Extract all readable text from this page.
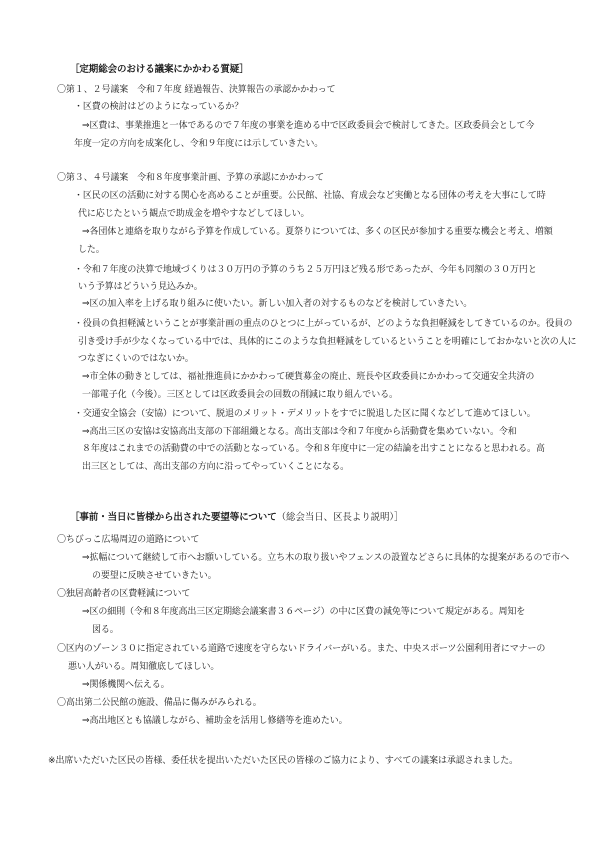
［定期総会のおける議案にかかわる質疑］
〇第１、２号議案　令和７年度 経過報告、決算報告の承認かかわって
・区費の検討はどのようになっているか？
⇒区費は、事業推進と一体であるので７年度の事業を進める中で区政委員会で検討してきた。区政委員会として今
年度一定の方向を成案化し、令和９年度には示していきたい。
〇第３、４号議案　令和８年度事業計画、予算の承認にかかわって
・区民の区の活動に対する関心を高めることが重要。公民館、社協、育成会など実働となる団体の考えを大事にして時
代に応じたという観点で助成金を増やすなどしてほしい。
⇒各団体と連絡を取りながら予算を作成している。夏祭りについては、多くの区民が参加する重要な機会と考え、増額
した。
・令和７年度の決算で地域づくりは３０万円の予算のうち２５万円ほど残る形であったが、今年も同額の３０万円と
いう予算はどういう見込みか。
⇒区の加入率を上げる取り組みに使いたい。新しい加入者の対するものなどを検討していきたい。
・役員の負担軽減ということが事業計画の重点のひとつに上がっているが、どのような負担軽減をしてきているのか。役員の
引き受け手が少なくなっている中では、具体的にこのような負担軽減をしているということを明確にしておかないと次の人に
つなぎにくいのではないか。
⇒市全体の動きとしては、福祉推進員にかかわって硬貨募金の廃止、班長や区政委員にかかわって交通安全共済の
一部電子化（今後）。三区としては区政委員会の回数の削減に取り組んでいる。
・交通安全協会（安協）について、脱退のメリット・デメリットをすでに脱退した区に聞くなどして進めてほしい。
⇒高出三区の安協は安協高出支部の下部組織となる。高出支部は令和７年度から活動費を集めていない。令和
８年度はこれまでの活動費の中での活動となっている。令和８年度中に一定の結論を出すことになると思われる。高
出三区としては、高出支部の方向に沿ってやっていくことになる。
［事前・当日に皆様から出された要望等について（総会当日、区長より説明）］
〇ちびっこ広場周辺の道路について
⇒拡幅について継続して市へお願いしている。立ち木の取り扱いやフェンスの設置などさらに具体的な提案があるので市へ
の要望に反映させていきたい。
〇独居高齢者の区費軽減について
⇒区の細則（令和８年度高出三区定期総会議案書３６ページ）の中に区費の減免等について規定がある。周知を
図る。
〇区内のゾーン３０に指定されている道路で速度を守らないドライバーがいる。また、中央スポーツ公園利用者にマナーの
悪い人がいる。周知徹底してほしい。
⇒関係機関へ伝える。
〇高出第二公民館の施設、備品に傷みがみられる。
⇒高出地区とも協議しながら、補助金を活用し修繕等を進めたい。
※出席いただいた区民の皆様、委任状を提出いただいた区民の皆様のご協力により、すべての議案は承認されました。
